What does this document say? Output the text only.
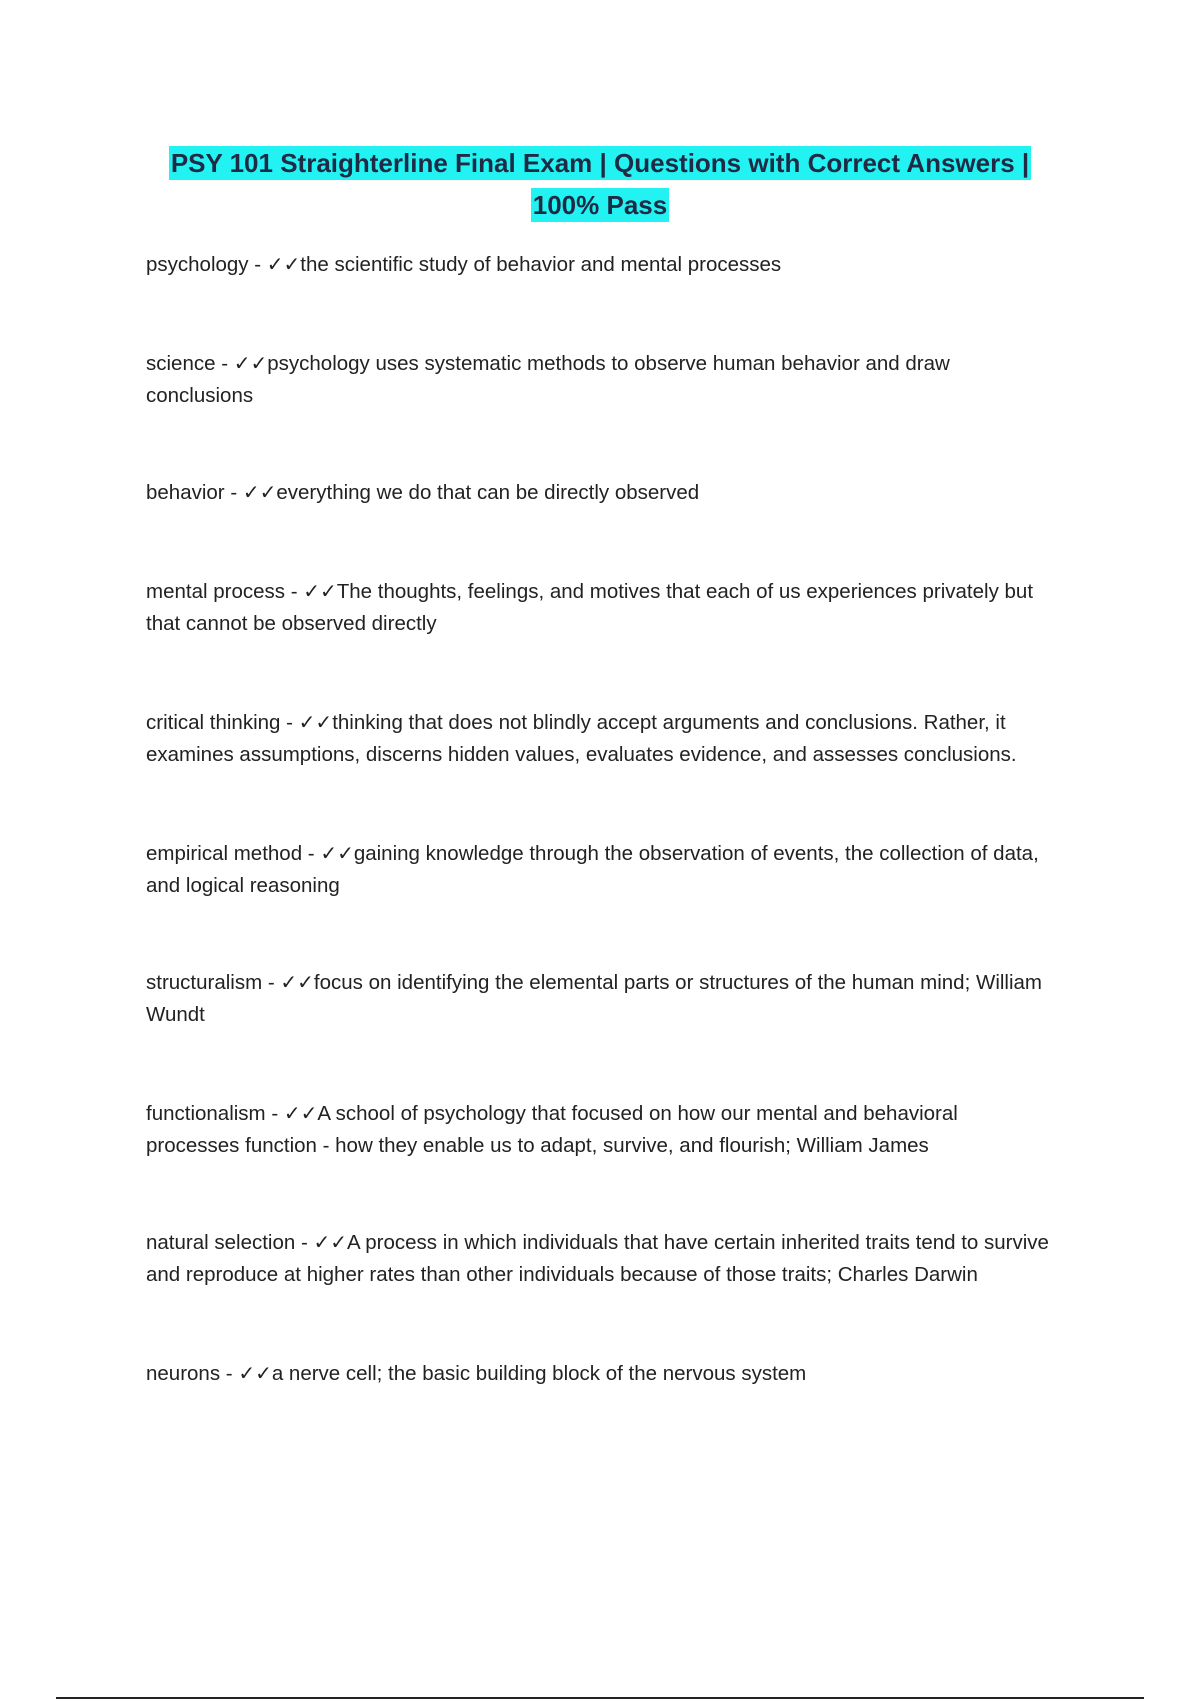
PSY 101 Straighterline Final Exam | Questions with Correct Answers | 100% Pass

psychology - ✓✓the scientific study of behavior and mental processes

science - ✓✓psychology uses systematic methods to observe human behavior and draw conclusions

behavior - ✓✓everything we do that can be directly observed

mental process - ✓✓The thoughts, feelings, and motives that each of us experiences privately but that cannot be observed directly

critical thinking - ✓✓thinking that does not blindly accept arguments and conclusions. Rather, it examines assumptions, discerns hidden values, evaluates evidence, and assesses conclusions.

empirical method - ✓✓gaining knowledge through the observation of events, the collection of data, and logical reasoning

structuralism - ✓✓focus on identifying the elemental parts or structures of the human mind; William Wundt

functionalism - ✓✓A school of psychology that focused on how our mental and behavioral processes function - how they enable us to adapt, survive, and flourish; William James

natural selection - ✓✓A process in which individuals that have certain inherited traits tend to survive and reproduce at higher rates than other individuals because of those traits; Charles Darwin

neurons - ✓✓a nerve cell; the basic building block of the nervous system
